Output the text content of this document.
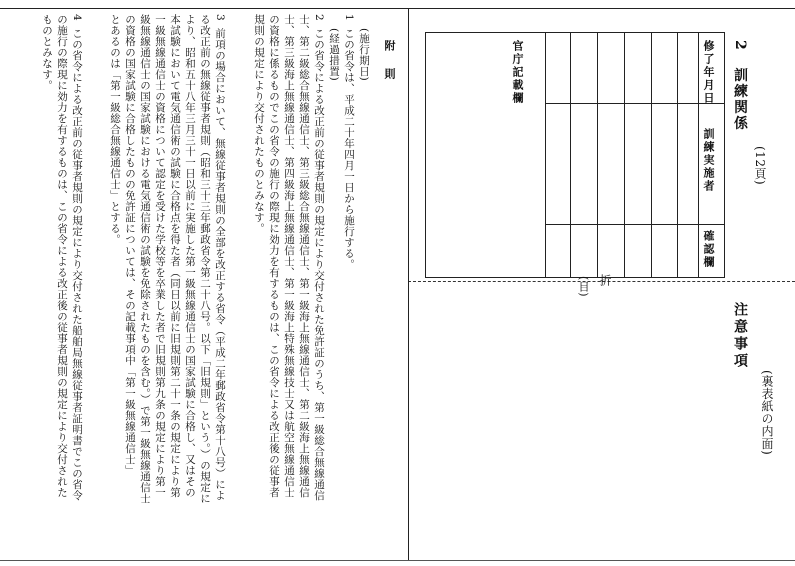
(12頁)
(裏表紙の内面)
2　訓練関係
修了年月日
訓練実施者
確認欄
官庁記載欄
折
(目)
注意事項
附　則
1
(施行期日)
この省令は、平成二十年四月一日から施行する。
(経過措置)
2
この省令による改正前の従事者規則の規定により交付された免許証のうち、第一級総合無線通信
士、第二級総合無線通信士、第三級総合無線通信士、第一級海上無線通信士、第二級海上無線通信
士、第三級海上無線通信士、第四級海上無線通信士、第一級海上特殊無線技士又は航空無線通信士
の資格に係るものでこの省令の施行の際現に効力を有するものは、この省令による改正後の従事者
規則の規定により交付されたものとみなす。
3
前項の場合において、無線従事者規則の全部を改正する省令（平成二年郵政省令第十八号）によ
る改正前の無線従事者規則（昭和三十三年郵政省令第二十八号。以下「旧規則」という。）の規定に
より、昭和五十八年三月三十一日以前に実施した第一級無線通信士の国家試験に合格し、又はその
本試験において電気通信術の試験に合格点を得た者（同日以前に旧規則第二十一条の規定により第
一級無線通信士の資格について認定を受けた学校等を卒業した者で旧規則第九条の規定により第一
級無線通信士の国家試験における電気通信術の試験を免除されたものを含む。）で第一級無線通信士
の資格の国家試験に合格したものの免許証については、その記載事項中「第一級無線通信士」
とあるのは「第一級総合無線通信士」とする。
4
この省令による改正前の従事者規則の規定により交付された船舶局無線従事者証明書でこの省令
の施行の際現に効力を有するものは、この省令による改正後の従事者規則の規定により交付された
ものとみなす。
